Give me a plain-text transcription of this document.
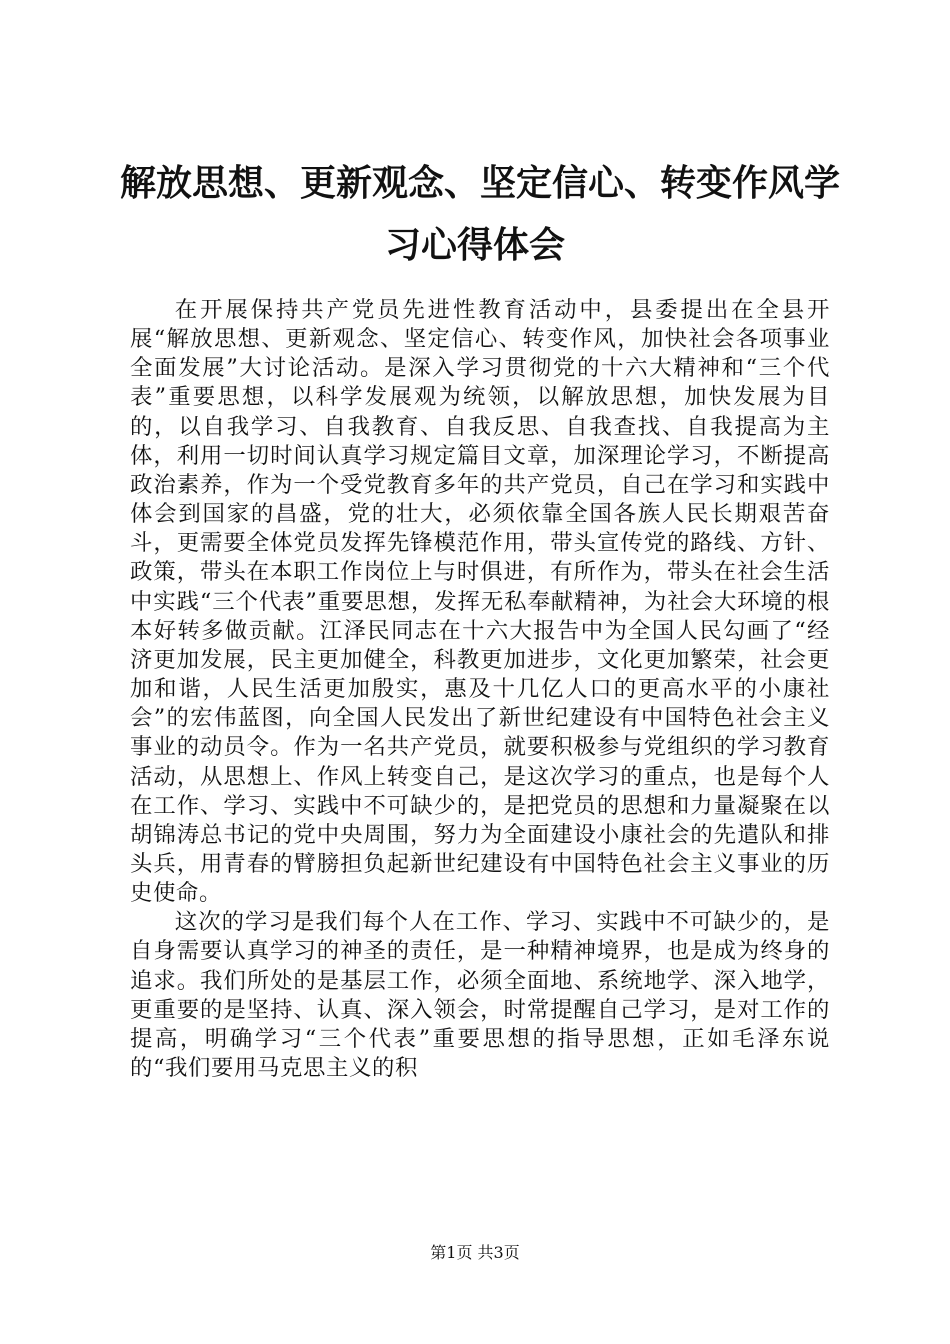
解放思想、更新观念、坚定信心、转变作风学
习心得体会

在开展保持共产党员先进性教育活动中，县委提出在全县开展“解放思想、更新观念、坚定信心、转变作风，加快社会各项事业全面发展”大讨论活动。是深入学习贯彻党的十六大精神和“三个代表”重要思想，以科学发展观为统领，以解放思想，加快发展为目的，以自我学习、自我教育、自我反思、自我查找、自我提高为主体，利用一切时间认真学习规定篇目文章，加深理论学习，不断提高政治素养，作为一个受党教育多年的共产党员，自己在学习和实践中体会到国家的昌盛，党的壮大，必须依靠全国各族人民长期艰苦奋斗，更需要全体党员发挥先锋模范作用，带头宣传党的路线、方针、政策，带头在本职工作岗位上与时俱进，有所作为，带头在社会生活中实践“三个代表”重要思想，发挥无私奉献精神，为社会大环境的根本好转多做贡献。江泽民同志在十六大报告中为全国人民勾画了“经济更加发展，民主更加健全，科教更加进步，文化更加繁荣，社会更加和谐，人民生活更加殷实，惠及十几亿人口的更高水平的小康社会”的宏伟蓝图，向全国人民发出了新世纪建设有中国特色社会主义事业的动员令。作为一名共产党员，就要积极参与党组织的学习教育活动，从思想上、作风上转变自己，是这次学习的重点，也是每个人在工作、学习、实践中不可缺少的，是把党员的思想和力量凝聚在以胡锦涛总书记的党中央周围，努力为全面建设小康社会的先遣队和排头兵，用青春的臂膀担负起新世纪建设有中国特色社会主义事业的历史使命。

这次的学习是我们每个人在工作、学习、实践中不可缺少的，是自身需要认真学习的神圣的责任，是一种精神境界，也是成为终身的追求。我们所处的是基层工作，必须全面地、系统地学、深入地学，更重要的是坚持、认真、深入领会，时常提醒自己学习，是对工作的提高，明确学习“三个代表”重要思想的指导思想，正如毛泽东说的“我们要用马克思主义的积

第1页 共3页
